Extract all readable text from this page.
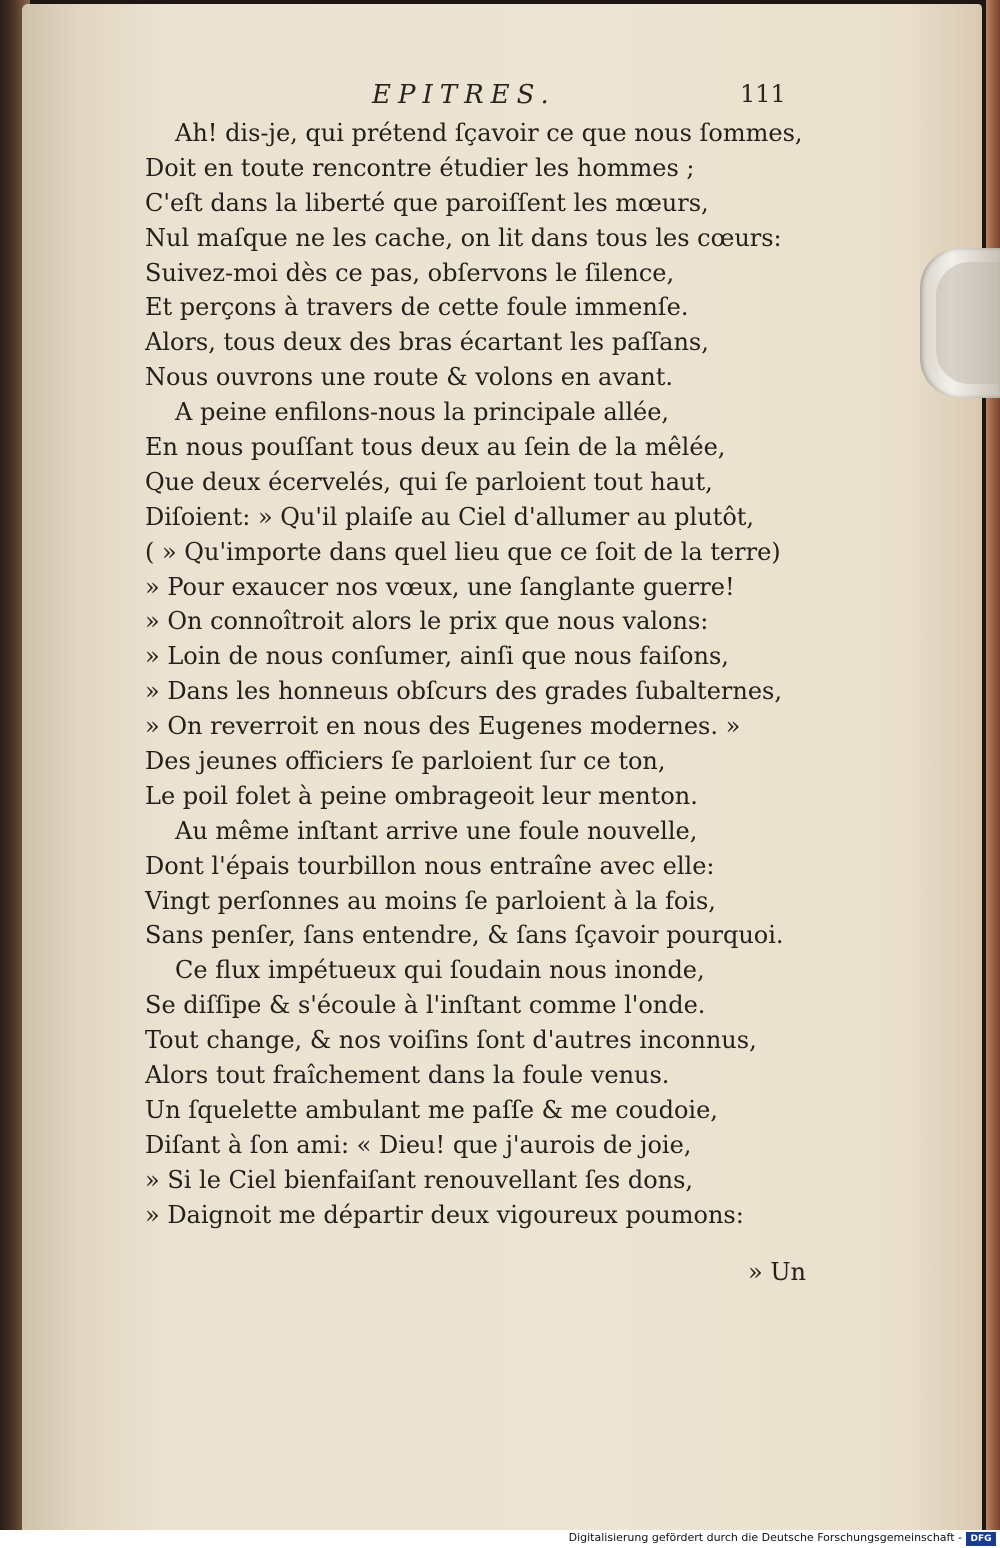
EPITRES.	111
Ah! dis-je, qui prétend ſçavoir ce que nous ſommes,
Doit en toute rencontre étudier les hommes ;
C'eſt dans la liberté que paroiſſent les mœurs,
Nul maſque ne les cache, on lit dans tous les cœurs:
Suivez-moi dès ce pas, obſervons le ſilence,
Et perçons à travers de cette foule immenſe.
Alors, tous deux des bras écartant les paſſans,
Nous ouvrons une route & volons en avant.
A peine enfilons-nous la principale allée,
En nous pouſſant tous deux au ſein de la mêlée,
Que deux écervelés, qui ſe parloient tout haut,
Diſoient: » Qu'il plaiſe au Ciel d'allumer au plutôt,
( » Qu'importe dans quel lieu que ce ſoit de la terre)
» Pour exaucer nos vœux, une ſanglante guerre!
» On connoîtroit alors le prix que nous valons:
» Loin de nous conſumer, ainſi que nous faiſons,
» Dans les honneuıs obſcurs des grades ſubalternes,
» On reverroit en nous des Eugenes modernes. »
Des jeunes officiers ſe parloient ſur ce ton,
Le poil folet à peine ombrageoit leur menton.
Au même inſtant arrive une foule nouvelle,
Dont l'épais tourbillon nous entraîne avec elle:
Vingt perſonnes au moins ſe parloient à la fois,
Sans penſer, ſans entendre, & ſans ſçavoir pourquoi.
Ce flux impétueux qui ſoudain nous inonde,
Se diſſipe & s'écoule à l'inſtant comme l'onde.
Tout change, & nos voiſins ſont d'autres inconnus,
Alors tout fraîchement dans la foule venus.
Un ſquelette ambulant me paſſe & me coudoie,
Diſant à ſon ami: « Dieu! que j'aurois de joie,
» Si le Ciel bienfaiſant renouvellant ſes dons,
» Daignoit me départir deux vigoureux poumons:
» Un
Digitalisierung gefördert durch die Deutsche Forschungsgemeinschaft - DFG
